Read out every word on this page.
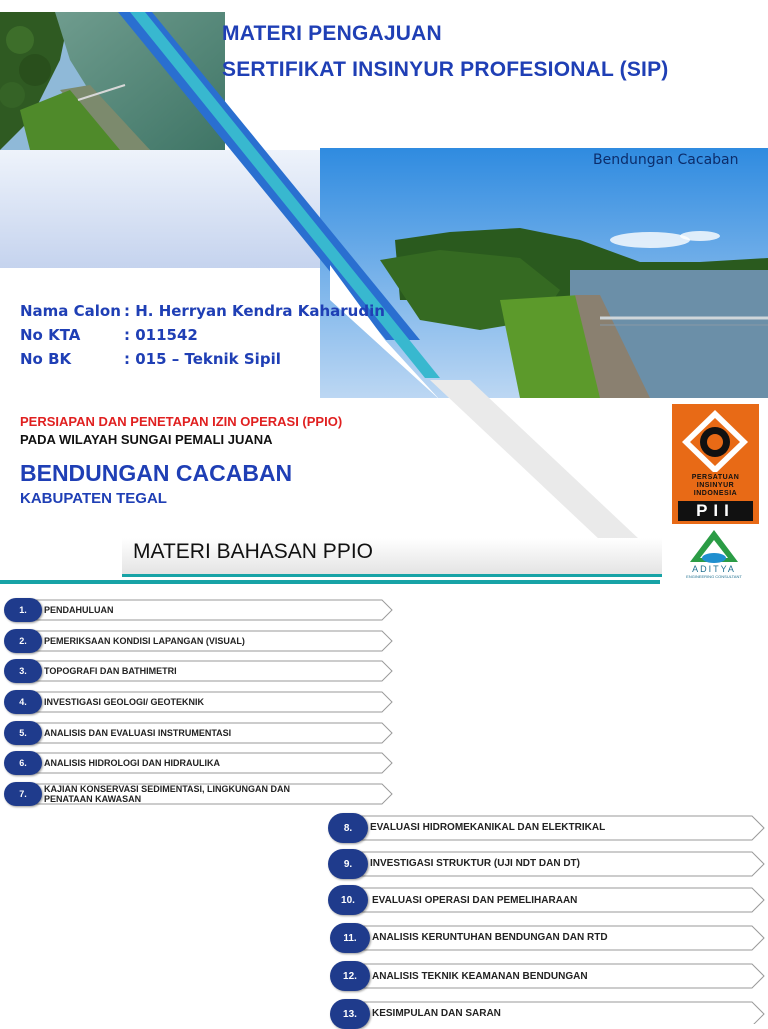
MATERI PENGAJUAN
SERTIFIKAT INSINYUR PROFESIONAL (SIP)
Bendungan Cacaban
Nama Calon : H. Herryan Kendra Kaharudin
No KTA	: 011542
No BK	: 015 – Teknik Sipil
PERSIAPAN DAN PENETAPAN IZIN OPERASI (PPIO)
PADA WILAYAH SUNGAI PEMALI JUANA
BENDUNGAN CACABAN
KABUPATEN TEGAL
PERSATUAN
INSINYUR
INDONESIA
PII
MATERI BAHASAN PPIO
ADITYA
ENGINEERING CONSULTANT
1.	PENDAHULUAN
2.	PEMERIKSAAN KONDISI LAPANGAN (VISUAL)
3.	TOPOGRAFI DAN BATHIMETRI
4.	INVESTIGASI GEOLOGI/ GEOTEKNIK
5.	ANALISIS DAN EVALUASI INSTRUMENTASI
6.	ANALISIS HIDROLOGI DAN HIDRAULIKA
7.	KAJIAN KONSERVASI SEDIMENTASI, LINGKUNGAN DAN
PENATAAN KAWASAN
8.	EVALUASI HIDROMEKANIKAL DAN ELEKTRIKAL
9.	INVESTIGASI STRUKTUR (UJI NDT DAN DT)
10.	EVALUASI OPERASI DAN PEMELIHARAAN
11.	ANALISIS KERUNTUHAN BENDUNGAN DAN RTD
12.	ANALISIS TEKNIK KEAMANAN BENDUNGAN
13.	KESIMPULAN DAN SARAN
